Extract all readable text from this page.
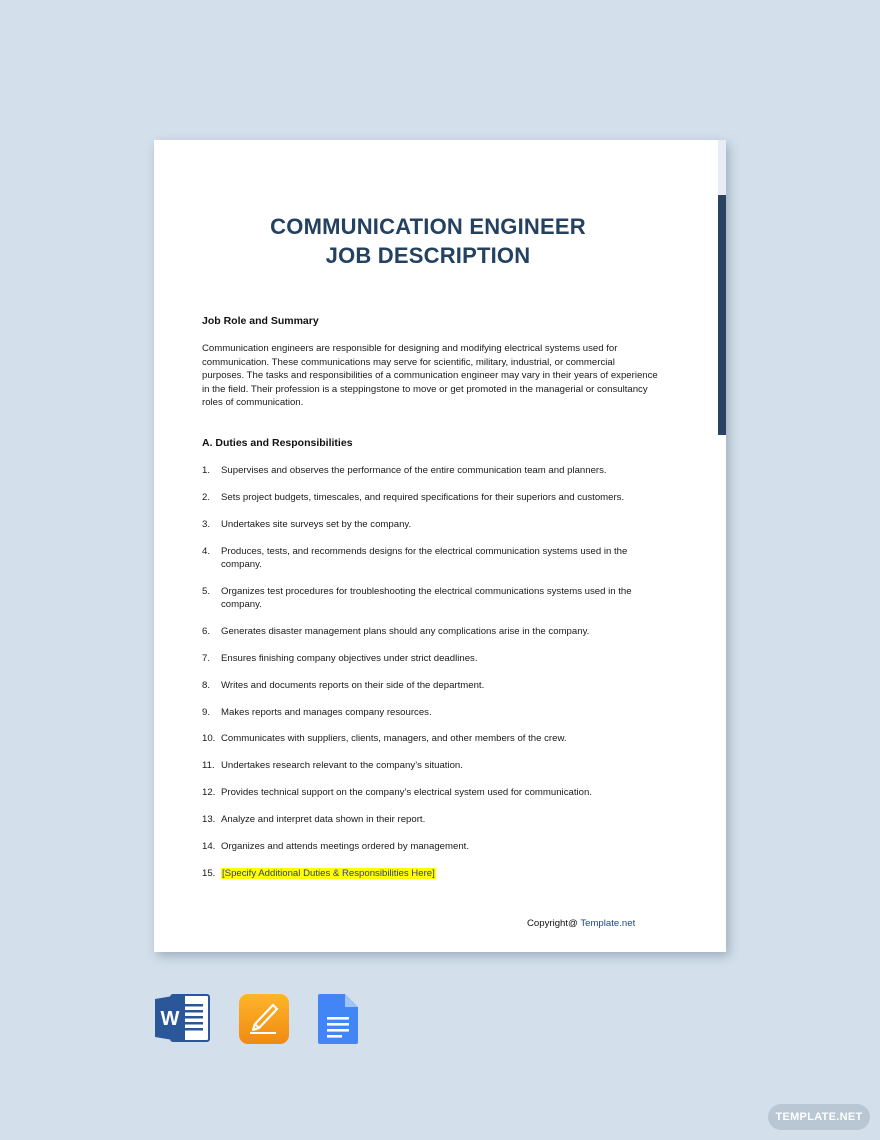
COMMUNICATION ENGINEER
JOB DESCRIPTION
Job Role and Summary
Communication engineers are responsible for designing and modifying electrical systems used for communication. These communications may serve for scientific, military, industrial, or commercial purposes. The tasks and responsibilities of a communication engineer may vary in their years of experience in the field. Their profession is a steppingstone to move or get promoted in the managerial or consultancy roles of communication.
A. Duties and Responsibilities
1.	Supervises and observes the performance of the entire communication team and planners.
2.	Sets project budgets, timescales, and required specifications for their superiors and customers.
3.	Undertakes site surveys set by the company.
4.	Produces, tests, and recommends designs for the electrical communication systems used in the company.
5.	Organizes test procedures for troubleshooting the electrical communications systems used in the company.
6.	Generates disaster management plans should any complications arise in the company.
7.	Ensures finishing company objectives under strict deadlines.
8.	Writes and documents reports on their side of the department.
9.	Makes reports and manages company resources.
10. Communicates with suppliers, clients, managers, and other members of the crew.
11. Undertakes research relevant to the company’s situation.
12. Provides technical support on the company’s electrical system used for communication.
13. Analyze and interpret data shown in their report.
14. Organizes and attends meetings ordered by management.
15. [Specify Additional Duties & Responsibilities Here]
Copyright@ Template.net
W
TEMPLATE.NET
